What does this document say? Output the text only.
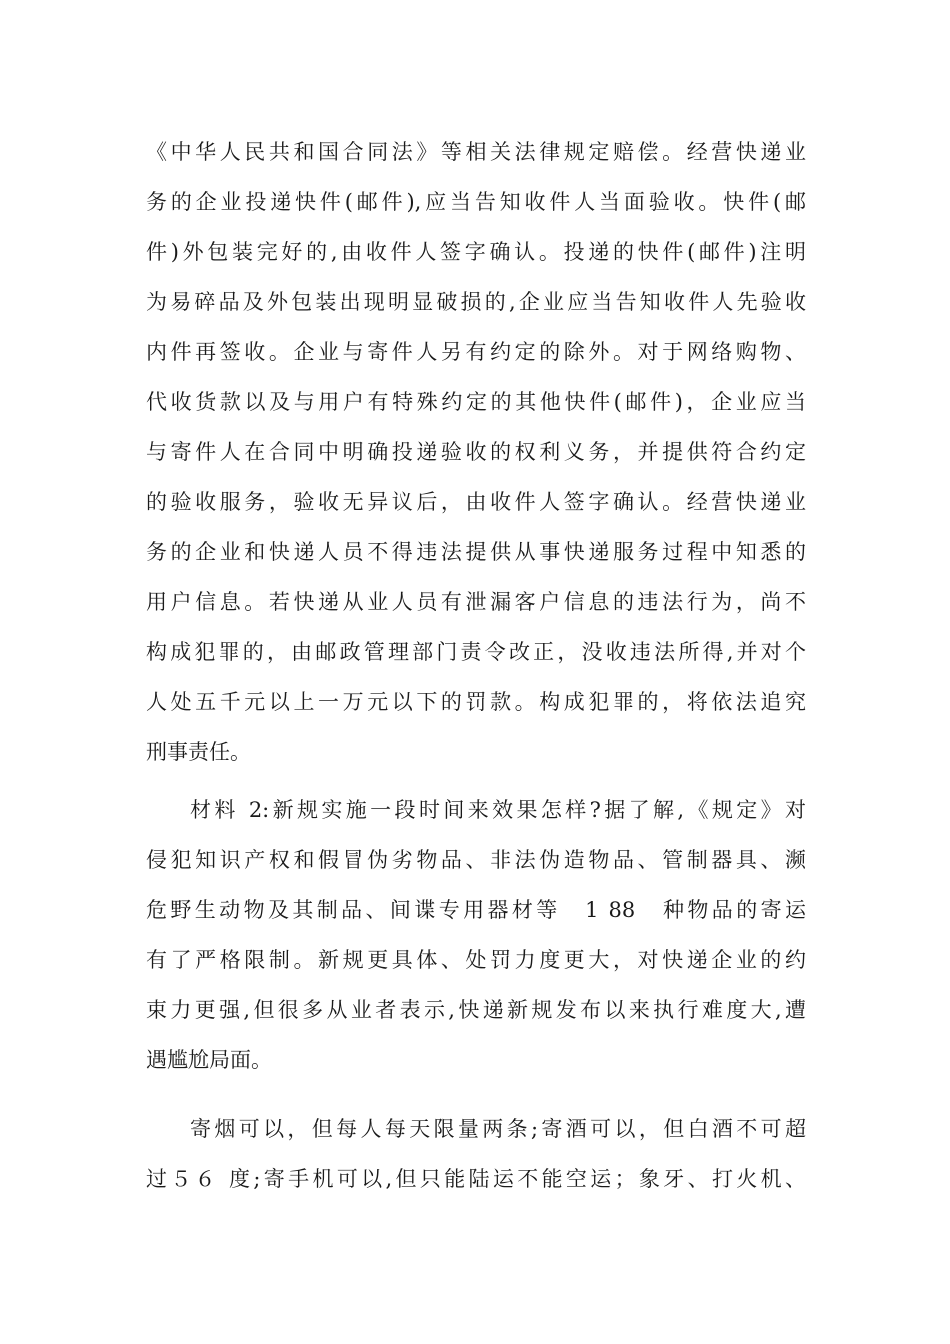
《中华人民共和国合同法》等相关法律规定赔偿。经营快递业
务的企业投递快件(邮件),应当告知收件人当面验收。快件(邮
件)外包装完好的,由收件人签字确认。投递的快件(邮件)注明
为易碎品及外包装出现明显破损的,企业应当告知收件人先验收
内件再签收。企业与寄件人另有约定的除外。对于网络购物、
代收货款以及与用户有特殊约定的其他快件(邮件)，企业应当
与寄件人在合同中明确投递验收的权利义务，并提供符合约定
的验收服务，验收无异议后，由收件人签字确认。经营快递业
务的企业和快递人员不得违法提供从事快递服务过程中知悉的
用户信息。若快递从业人员有泄漏客户信息的违法行为，尚不
构成犯罪的，由邮政管理部门责令改正，没收违法所得,并对个
人处五千元以上一万元以下的罚款。构成犯罪的，将依法追究
刑事责任。
材料 2:新规实施一段时间来效果怎样?据了解,《规定》对
侵犯知识产权和假冒伪劣物品、非法伪造物品、管制器具、濒
危野生动物及其制品、间谍专用器材等　1 88　种物品的寄运
有了严格限制。新规更具体、处罚力度更大，对快递企业的约
束力更强,但很多从业者表示,快递新规发布以来执行难度大,遭
遇尴尬局面。
寄烟可以，但每人每天限量两条;寄酒可以，但白酒不可超
过５６ 度;寄手机可以,但只能陆运不能空运；象牙、打火机、
